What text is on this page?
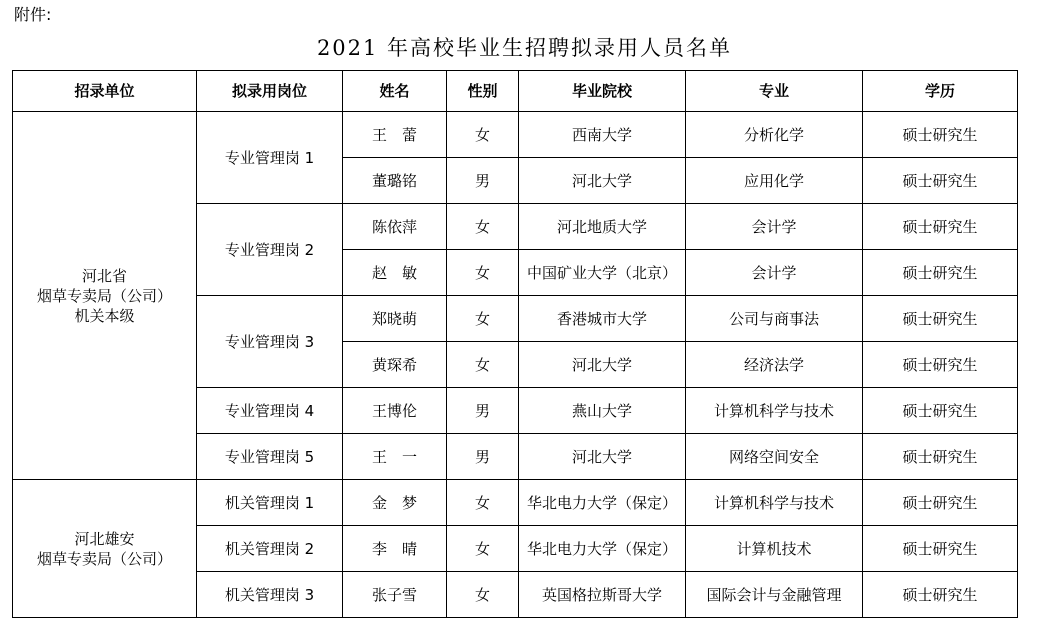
附件:
2021 年高校毕业生招聘拟录用人员名单
招录单位	拟录用岗位	姓名	性别	毕业院校	专业	学历

河北省
烟草专卖局（公司）
机关本级	专业管理岗 1	王　蕾	女	西南大学	分析化学	硕士研究生
		董璐铭	男	河北大学	应用化学	硕士研究生
	专业管理岗 2	陈依萍	女	河北地质大学	会计学	硕士研究生
		赵　敏	女	中国矿业大学（北京）	会计学	硕士研究生
	专业管理岗 3	郑晓萌	女	香港城市大学	公司与商事法	硕士研究生
		黄琛希	女	河北大学	经济法学	硕士研究生
	专业管理岗 4	王博伦	男	燕山大学	计算机科学与技术	硕士研究生
	专业管理岗 5	王　一	男	河北大学	网络空间安全	硕士研究生

河北雄安
烟草专卖局（公司）	机关管理岗 1	金　梦	女	华北电力大学（保定）	计算机科学与技术	硕士研究生
	机关管理岗 2	李　晴	女	华北电力大学（保定）	计算机技术	硕士研究生
	机关管理岗 3	张子雪	女	英国格拉斯哥大学	国际会计与金融管理	硕士研究生
